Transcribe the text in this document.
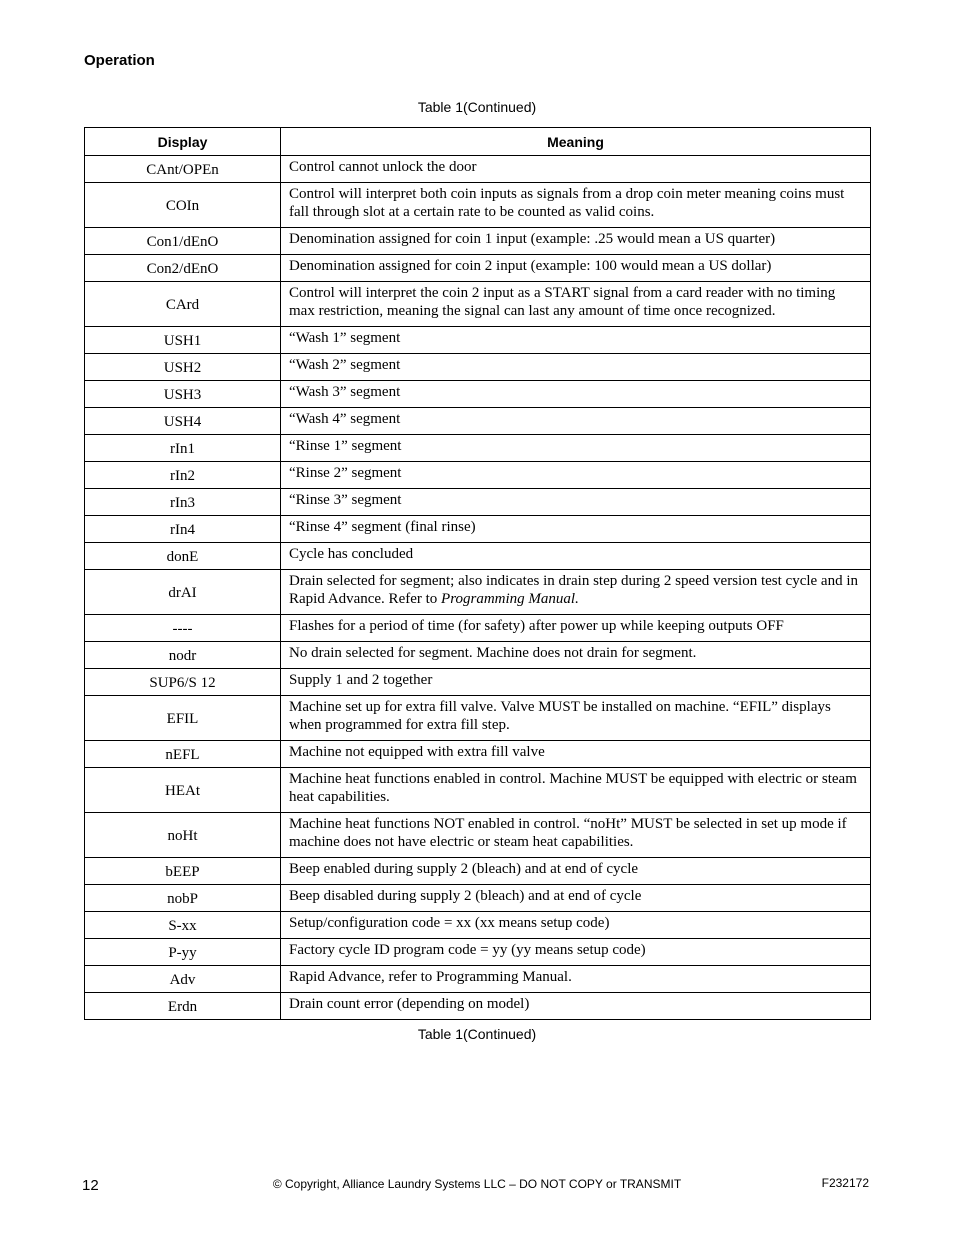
Operation
Table 1(Continued)
Display	Meaning
CAnt/OPEn	Control cannot unlock the door
COIn	Control will interpret both coin inputs as signals from a drop coin meter meaning coins must fall through slot at a certain rate to be counted as valid coins.
Con1/dEnO	Denomination assigned for coin 1 input (example: .25 would mean a US quarter)
Con2/dEnO	Denomination assigned for coin 2 input (example: 100 would mean a US dollar)
CArd	Control will interpret the coin 2 input as a START signal from a card reader with no timing max restriction, meaning the signal can last any amount of time once recognized.
USH1	“Wash 1” segment
USH2	“Wash 2” segment
USH3	“Wash 3” segment
USH4	“Wash 4” segment
rIn1	“Rinse 1” segment
rIn2	“Rinse 2” segment
rIn3	“Rinse 3” segment
rIn4	“Rinse 4” segment (final rinse)
donE	Cycle has concluded
drAI	Drain selected for segment; also indicates in drain step during 2 speed version test cycle and in Rapid Advance. Refer to Programming Manual.
----	Flashes for a period of time (for safety) after power up while keeping outputs OFF
nodr	No drain selected for segment. Machine does not drain for segment.
SUP6/S 12	Supply 1 and 2 together
EFIL	Machine set up for extra fill valve. Valve MUST be installed on machine. “EFIL” displays when programmed for extra fill step.
nEFL	Machine not equipped with extra fill valve
HEAt	Machine heat functions enabled in control. Machine MUST be equipped with electric or steam heat capabilities.
noHt	Machine heat functions NOT enabled in control. “noHt” MUST be selected in set up mode if machine does not have electric or steam heat capabilities.
bEEP	Beep enabled during supply 2 (bleach) and at end of cycle
nobP	Beep disabled during supply 2 (bleach) and at end of cycle
S-xx	Setup/configuration code = xx (xx means setup code)
P-yy	Factory cycle ID program code = yy (yy means setup code)
Adv	Rapid Advance, refer to Programming Manual.
Erdn	Drain count error (depending on model)
Table 1(Continued)
12	© Copyright, Alliance Laundry Systems LLC – DO NOT COPY or TRANSMIT	F232172
